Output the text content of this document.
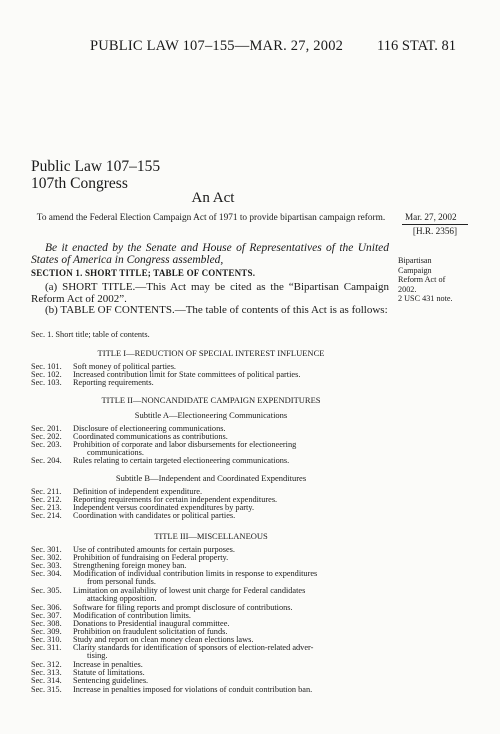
PUBLIC LAW 107–155—MAR. 27, 2002 116 STAT. 81
Public Law 107–155
107th Congress
An Act
To amend the Federal Election Campaign Act of 1971 to provide bipartisan campaign reform.	Mar. 27, 2002
[H.R. 2356]
Bipartisan
Campaign
Reform Act of
2002.
2 USC 431 note.
Be it enacted by the Senate and House of Representatives of the United States of America in Congress assembled,
SECTION 1. SHORT TITLE; TABLE OF CONTENTS.
(a) SHORT TITLE.—This Act may be cited as the “Bipartisan Campaign Reform Act of 2002”.
(b) TABLE OF CONTENTS.—The table of contents of this Act is as follows:
Sec. 1. Short title; table of contents.
TITLE I—REDUCTION OF SPECIAL INTEREST INFLUENCE
Sec. 101. Soft money of political parties.
Sec. 102. Increased contribution limit for State committees of political parties.
Sec. 103. Reporting requirements.
TITLE II—NONCANDIDATE CAMPAIGN EXPENDITURES
Subtitle A—Electioneering Communications
Sec. 201. Disclosure of electioneering communications.
Sec. 202. Coordinated communications as contributions.
Sec. 203. Prohibition of corporate and labor disbursements for electioneering
communications.
Sec. 204. Rules relating to certain targeted electioneering communications.
Subtitle B—Independent and Coordinated Expenditures
Sec. 211. Definition of independent expenditure.
Sec. 212. Reporting requirements for certain independent expenditures.
Sec. 213. Independent versus coordinated expenditures by party.
Sec. 214. Coordination with candidates or political parties.
TITLE III—MISCELLANEOUS
Sec. 301. Use of contributed amounts for certain purposes.
Sec. 302. Prohibition of fundraising on Federal property.
Sec. 303. Strengthening foreign money ban.
Sec. 304. Modification of individual contribution limits in response to expenditures
from personal funds.
Sec. 305. Limitation on availability of lowest unit charge for Federal candidates
attacking opposition.
Sec. 306. Software for filing reports and prompt disclosure of contributions.
Sec. 307. Modification of contribution limits.
Sec. 308. Donations to Presidential inaugural committee.
Sec. 309. Prohibition on fraudulent solicitation of funds.
Sec. 310. Study and report on clean money clean elections laws.
Sec. 311. Clarity standards for identification of sponsors of election-related adver-
tising.
Sec. 312. Increase in penalties.
Sec. 313. Statute of limitations.
Sec. 314. Sentencing guidelines.
Sec. 315. Increase in penalties imposed for violations of conduit contribution ban.
